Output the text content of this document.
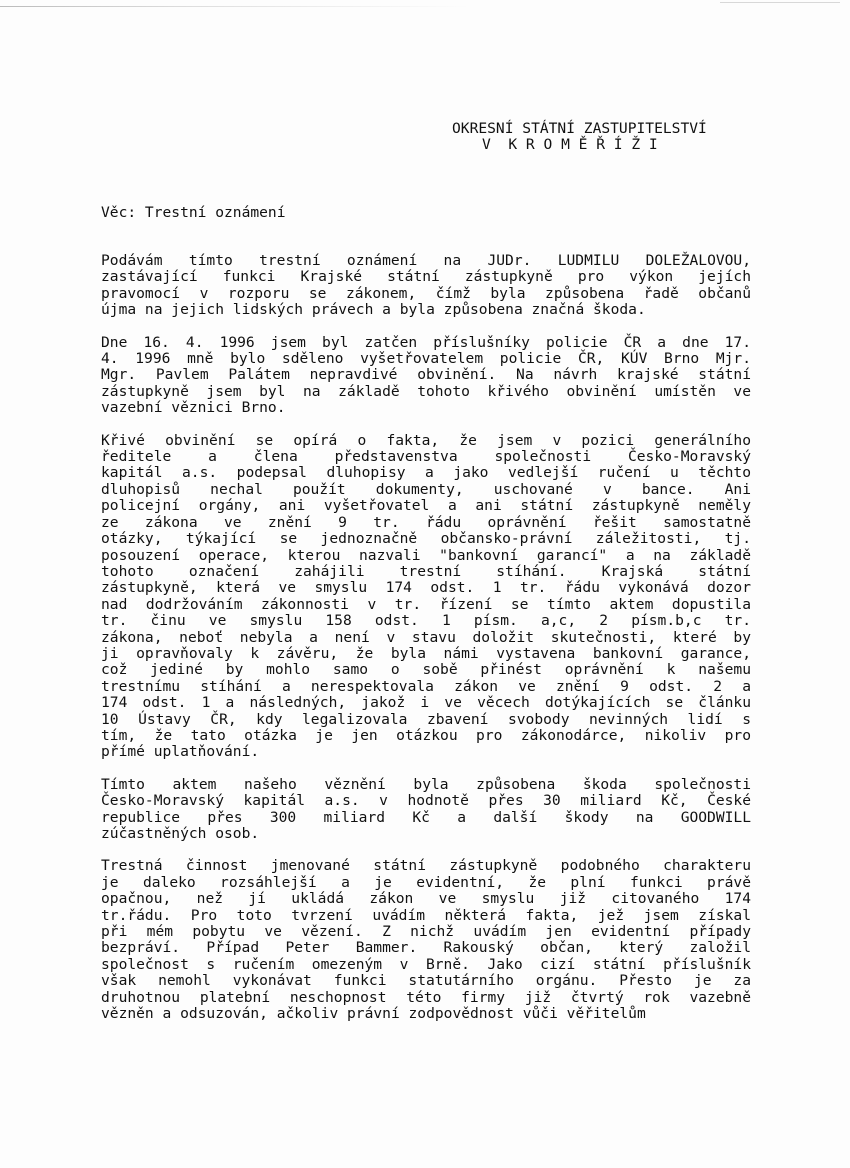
OKRESNÍ STÁTNÍ ZASTUPITELSTVÍ
V  K R O M Ě Ř Í Ž I
Věc: Trestní oznámení
Podávám tímto trestní oznámení na JUDr. LUDMILU DOLEŽALOVOU,
zastávající funkci Krajské státní zástupkyně pro výkon jejích
pravomocí v rozporu se zákonem, čímž byla způsobena řadě občanů
újma na jejich lidských právech a byla způsobena značná škoda.
Dne 16. 4. 1996 jsem byl zatčen příslušníky policie ČR a dne 17.
4. 1996 mně bylo sděleno vyšetřovatelem policie ČR, KÚV Brno Mjr.
Mgr. Pavlem Palátem nepravdivé obvinění. Na návrh krajské státní
zástupkyně jsem byl na základě tohoto křivého obvinění umístěn ve
vazební věznici Brno.
Křivé obvinění se opírá o fakta, že jsem v pozici generálního
ředitele a člena představenstva společnosti Česko-Moravský
kapitál a.s. podepsal dluhopisy a jako vedlejší ručení u těchto
dluhopisů nechal použít dokumenty, uschované v bance. Ani
policejní orgány, ani vyšetřovatel a ani státní zástupkyně neměly
ze zákona ve znění 9 tr. řádu oprávnění řešit samostatně
otázky, týkající se jednoznačně občansko-právní záležitosti, tj.
posouzení operace, kterou nazvali "bankovní garancí" a na základě
tohoto označení zahájili trestní stíhání. Krajská státní
zástupkyně, která ve smyslu 174 odst. 1 tr. řádu vykonává dozor
nad dodržováním zákonnosti v tr. řízení se tímto aktem dopustila
tr. činu ve smyslu 158 odst. 1 písm. a,c, 2 písm.b,c tr.
zákona, neboť nebyla a není v stavu doložit skutečnosti, které by
ji opravňovaly k závěru, že byla námi vystavena bankovní garance,
což jediné by mohlo samo o sobě přinést oprávnění k našemu
trestnímu stíhání a nerespektovala zákon ve znění 9 odst. 2 a
174 odst. 1 a následných, jakož i ve věcech dotýkajících se článku
10 Ústavy ČR, kdy legalizovala zbavení svobody nevinných lidí s
tím, že tato otázka je jen otázkou pro zákonodárce, nikoliv pro
přímé uplatňování.
Tímto aktem našeho věznění byla způsobena škoda společnosti
Česko-Moravský kapitál a.s. v hodnotě přes 30 miliard Kč, České
republice přes 300 miliard Kč a další škody na GOODWILL
zúčastněných osob.
Trestná činnost jmenované státní zástupkyně podobného charakteru
je daleko rozsáhlejší a je evidentní, že plní funkci právě
opačnou, než jí ukládá zákon ve smyslu již citovaného 174
tr.řádu. Pro toto tvrzení uvádím některá fakta, jež jsem získal
při mém pobytu ve vězení. Z nichž uvádím jen evidentní případy
bezpráví. Případ Peter Bammer. Rakouský občan, který založil
společnost s ručením omezeným v Brně. Jako cizí státní příslušník
však nemohl vykonávat funkci statutárního orgánu. Přesto je za
druhotnou platební neschopnost této firmy již čtvrtý rok vazebně
vězněn a odsuzován, ačkoliv právní zodpovědnost vůči věřitelům
